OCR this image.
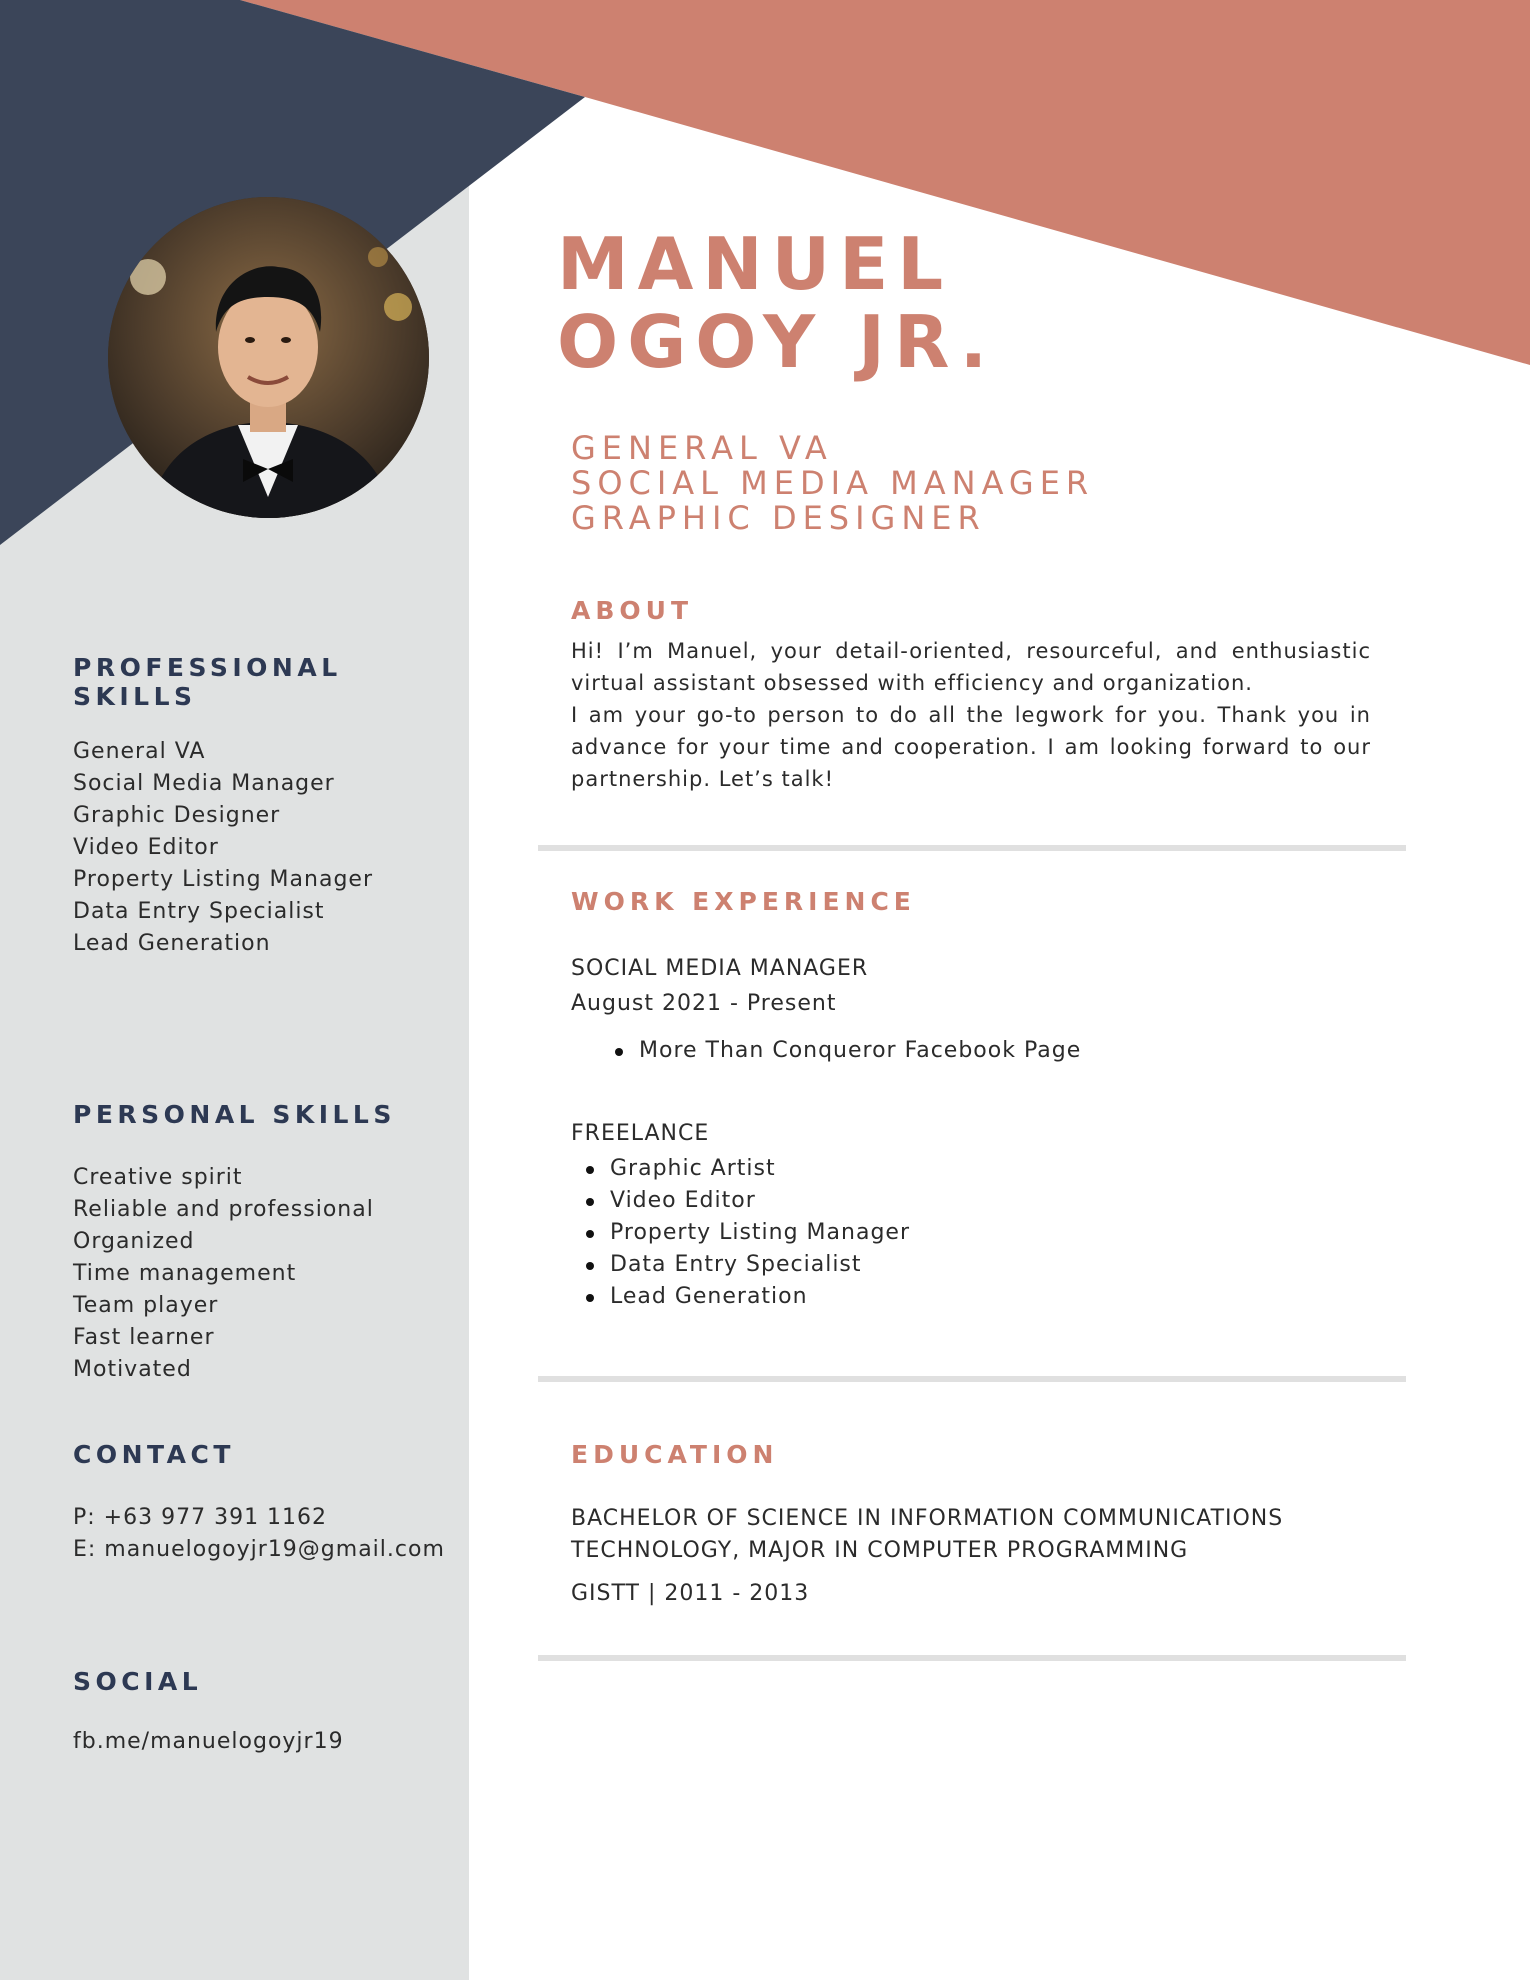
PROFESSIONAL
SKILLS
General VA
Social Media Manager
Graphic Designer
Video Editor
Property Listing Manager
Data Entry Specialist
Lead Generation
PERSONAL SKILLS
Creative spirit
Reliable and professional
Organized
Time management
Team player
Fast learner
Motivated
CONTACT
P: +63 977 391 1162
E: manuelogoyjr19@gmail.com
SOCIAL
fb.me/manuelogoyjr19
MANUEL
OGOY JR.
GENERAL VA
SOCIAL MEDIA MANAGER
GRAPHIC DESIGNER
ABOUT

Hi! I’m Manuel, your detail-oriented, resourceful, and enthusiastic virtual assistant obsessed with efficiency and organization.

I am your go-to person to do all the legwork for you. Thank you in advance for your time and cooperation. I am looking forward to our partnership. Let’s talk!

WORK EXPERIENCE

SOCIAL MEDIA MANAGER

August 2021 - Present

More Than Conqueror Facebook Page

FREELANCE

Graphic Artist
Video Editor
Property Listing Manager
Data Entry Specialist
Lead Generation
EDUCATION

BACHELOR OF SCIENCE IN INFORMATION COMMUNICATIONS

TECHNOLOGY, MAJOR IN COMPUTER PROGRAMMING

GISTT | 2011 - 2013
